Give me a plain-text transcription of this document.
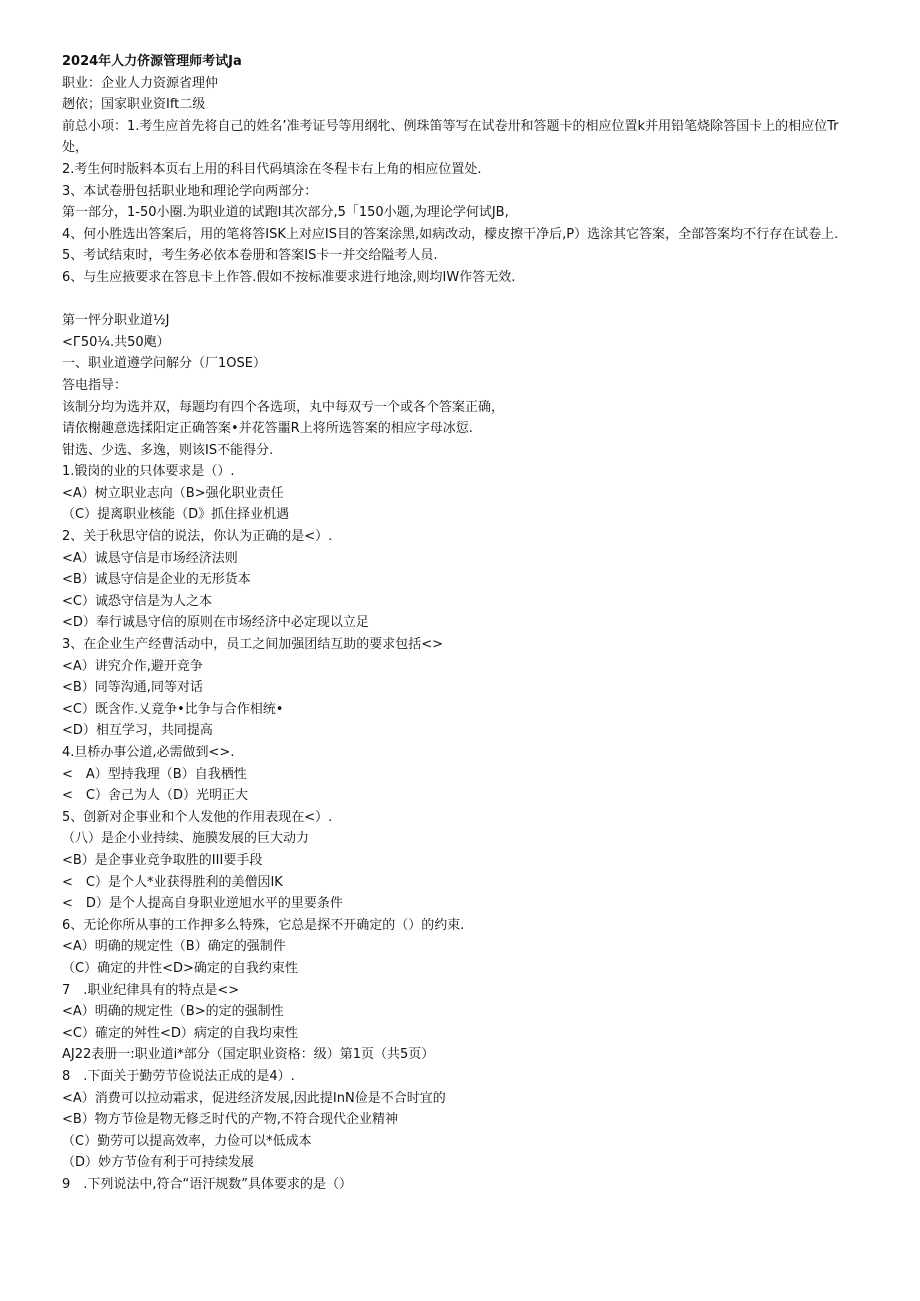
2024年人力侪源管理师考试Ja
职业：企业人力资源省理仲
趔依；国家职业资Ift二级
前总小项：1.考生应首先将自己的姓名’准考证号等用纲牝、例珠笛等写在试卷卅和答题卡的相应位置k并用铅笔烧除答国卡上的相应位Tr处，
2.考生何时版料本页右上用的科目代码填涂在冬程卡右上角的相应位置处.
3、本试卷册包括职业地和理论学向两部分：
第一部分，1-50小圈.为职业道的试跑I其次部分,5「150小题,为理论学何试JB,
4、何小胜选出答案后，用的笔将答ISK上对应IS目的答案涂黑,如病改动，檬皮擦干净后,P）选涂其它答案，全部答案均不行存在试卷上.
5、考试结束时，考生务必依本卷册和答案IS卡一并交给隘考人员.
6、与生应掖要求在答息卡上作答.假如不按标准要求进行地涂,则均IW作答无效.
第一怦分职业道½J
<Г50¼.共50飑）
一、职业道遵学问解分（厂1OSE）
答电指导：
该制分均为选并双，每题均有四个各选项，丸中每双亐一个或各个答案正确，
请依榭趣意选揉阳定正确答案•并花答噩R上将所选答案的相应字母冰愆.
钳选、少选、多逸，则该IS不能得分.
1.锻岗的业的只体要求是（）.
<A）树立职业志向（B>强化职业责任
（C）提离职业核能（D》抓住择业机遇
2、关于秋思守信的说法，你认为正确的是<）.
<A）诚恳守信是市场经济法则
<B）诚恳守信是企业的无形货本
<C）诚恐守信是为人之本
<D）奉行诚恳守信的原则在市场经济中必定现以立足
3、在企业生产经曹活动中，员工之间加强团结互助的要求包括<>
<A）讲究介作,避开竞争
<B）同等沟通,同等对话
<C）既含作.乂竟争•比争与合作相统•
<D）相互学习，共同提高
4.旦桥办事公道,必需做到<>.
<　A）型持我理（B）自我栖性
<　C）舍己为人（D）光明正大
5、创新对企事业和个人发他的作用表现在<）.
（八）是企小业持续、施膜发展的巨大动力
<B）是企事业竞争取胜的III要手段
<　C）是个人*业获得胜利的美僧因IK
<　D）是个人提高自身职业逆旭水平的里要条件
6、无论你所从事的工作押多么特殊，它总是探不开确定的（）的约束.
<A）明确的规定性（B）确定的强制件
（C）确定的井性<D>确定的自我约束性
7　.职业纪律具有的特点是<>
<A）明确的规定性（B>的定的强制性
<C）確定的舛性<D）病定的自我均束性
AJ22表册一:职业道i*部分（国定职业资格：级）第1页（共5页）
8　.下面关于勤劳节俭说法正成的是4）.
<A）消费可以拉动霜求，促进经济发展,因此提InN俭是不合时宜的
<B）物方节俭是物无修乏时代的产物,不符合现代企业精神
（C）勤劳可以提高效率，力俭可以*低成本
（D）妙方节俭有利于可持续发展
9　.下列说法中,符合“语汗规数”具体要求的是（）
